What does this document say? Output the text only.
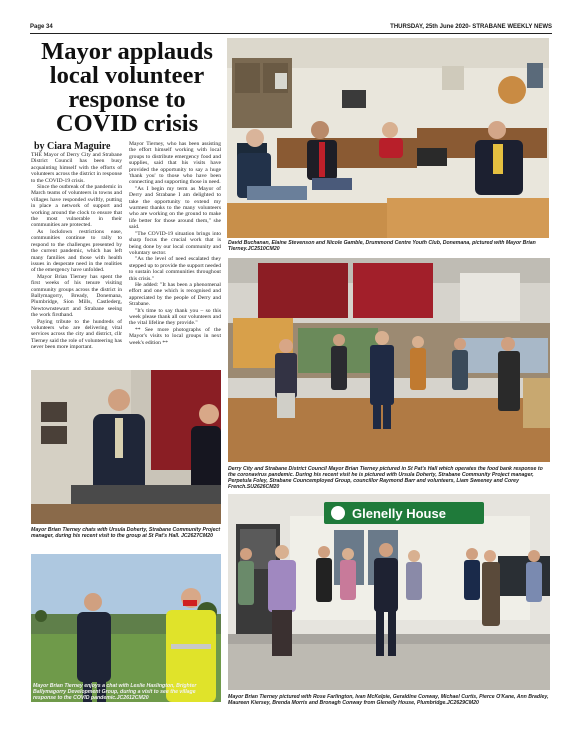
Page 34	THURSDAY, 25th June 2020- STRABANE WEEKLY NEWS
Mayor applauds local volunteer response to COVID crisis
by Ciara Maguire

THE Mayor of Derry City and Strabane District Council has been busy acquainting himself with the efforts of volunteers across the district in response to the COVID-19 crisis.

Since the outbreak of the pandemic in March teams of volunteers in towns and villages have responded swiftly, putting in place a network of support and working around the clock to ensure that the most vulnerable in their communities are protected.

As lockdown restrictions ease, communities continue to rally to respond to the challenges presented by the current pandemic, which has left many families and those with health issues in desperate need in the realities of the emergency have unfolded.

Mayor Brian Tierney has spent the first weeks of his tenure visiting community groups across the district in Ballymagorry, Bready, Donemana, Plumbridge, Sion Mills, Castlederg, Newtownstewart and Strabane seeing the work firsthand.

Paying tribute to the hundreds of volunteers who are delivering vital services across the city and district, cllr Tierney said the role of volunteering has never been more important.

Mayor Tierney, who has been assisting the effort himself working with local groups to distribute emergency food and supplies, said that his visits have provided the opportunity to say a huge 'thank you' to those who have been connecting and supporting those in need.

"As I begin my term as Mayor of Derry and Strabane I am delighted to take the opportunity to extend my warmest thanks to the many volunteers who are working on the ground to make life better for those around them," she said.

"The COVID-19 situation brings into sharp focus the crucial work that is being done by our local community and voluntary sector.

"As the level of need escalated they stepped up to provide the support needed to sustain local communities throughout this crisis."

He added: "It has been a phenomenal effort and one which is recognised and appreciated by the people of Derry and Strabane.

"It's time to say thank you – so this week please thank all our volunteers and the vital lifeline they provide."

** See more photographs of the Mayor's visits to local groups in next week's edition **

David Buchanan, Elaine Stevenson and Nicole Gamble, Drummond Centre Youth Club, Donemana, pictured with Mayor Brian Tierney.JC2510CM20
Derry City and Strabane District Council Mayor Brian Tierney pictured in St Pat's Hall which operates the food bank response to the coronavirus pandemic. During his recent visit he is pictured with Ursula Doherty, Strabane Community Project manager, Perpetula Foley, Strabane Councemployed Group, councillor Raymond Barr and volunteers, Liam Sweeney and Corey French.SU2626CM20
Mayor Brian Tierney chats with Ursula Doherty, Strabane Community Project manager, during his recent visit to the group at St Pat's Hall. JC2627CM20
Mayor Brian Tierney enjoys a chat with Leslie Haslington, Brighter Ballymagorry Development Group, during a visit to see the village response to the COVID pandemic.JC2612CM20
Glenelly House
Mayor Brian Tierney pictured with Rose Farlington, Ivan McKelpie, Geraldine Conway, Michael Curtis, Pierce O'Kane, Ann Bradley, Maureen Kiersey, Brenda Morris and Bronagh Conway from Glenelly House, Plumbridge.JC2629CM20
